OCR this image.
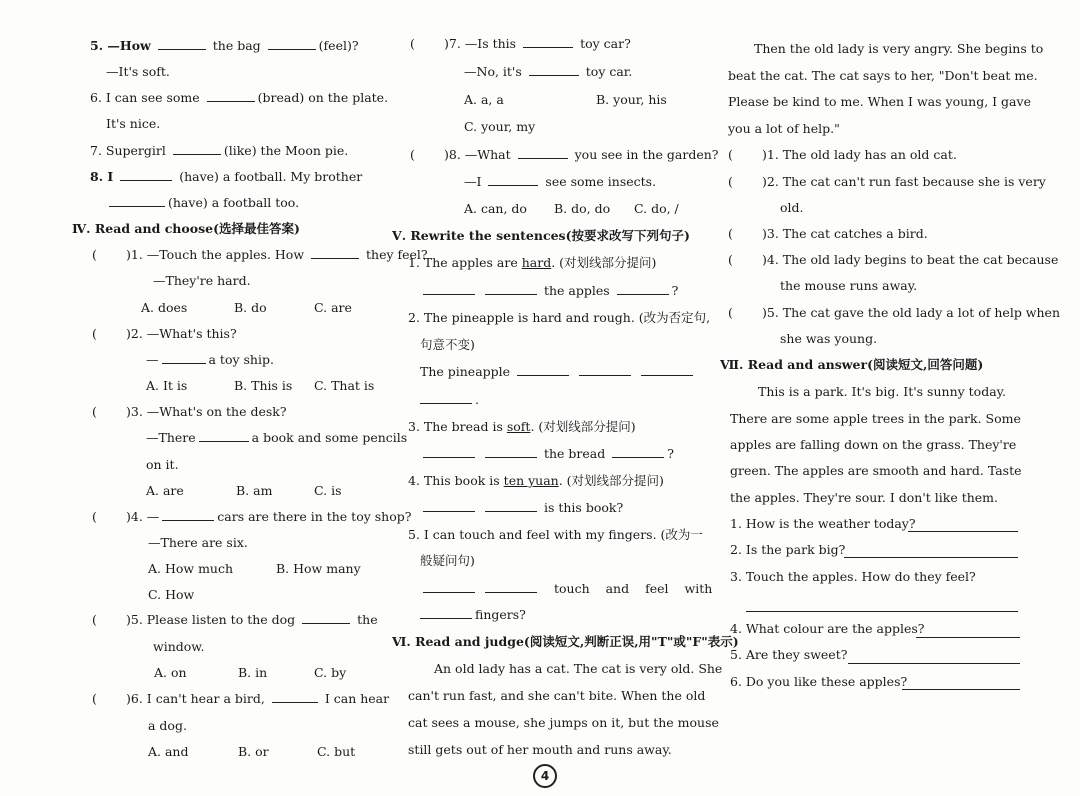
5. —How	the bag	(feel)?
—It's soft.
6. I can see some	(bread) on the plate.
It's nice.
7. Supergirl	(like) the Moon pie.
8. I	(have) a football. My brother
(have) a football too.
Ⅳ. Read and choose(选择最佳答案)
( )1. —Touch the apples. How	they feel?
—They're hard.
A. does	B. do	C. are
( )2. —What's this?
—	a toy ship.
A. It is	B. This is C. That is
( )3. —What's on the desk?
—There	a book and some pencils
on it.
A. are	B. am	C. is
( )4. —	cars are there in the toy shop?
—There are six.
A. How much	B. How many
C. How
( )5. Please listen to the dog	the
window.
A. on	B. in	C. by
( )6. I can't hear a bird,	I can hear
a dog.
A. and	B. or	C. but
( )7. —Is this	toy car?
—No, it's	toy car.
A. a, a	B. your, his
C. your, my
( )8. —What	you see in the garden?
—I	see some insects.
A. can, do B. do, do C. do, /
Ⅴ. Rewrite the sentences(按要求改写下列句子)
1. The apples are hard. (对划线部分提问)
the apples	?
2. The pineapple is hard and rough. (改为否定句,
句意不变)
The pineapple
.
3. The bread is soft. (对划线部分提问)
the bread	?
4. This book is ten yuan. (对划线部分提问)
is this book?
5. I can touch and feel with my fingers. (改为一
般疑问句)
touch and feel with
fingers?
Ⅵ. Read and judge(阅读短文,判断正误,用"T"或"F"表示)
An old lady has a cat. The cat is very old. She
can't run fast, and she can't bite. When the old
cat sees a mouse, she jumps on it, but the mouse
still gets out of her mouth and runs away.
4
Then the old lady is very angry. She begins to
beat the cat. The cat says to her, "Don't beat me.
Please be kind to me. When I was young, I gave
you a lot of help."
( )1. The old lady has an old cat.
( )2. The cat can't run fast because she is very
old.
( )3. The cat catches a bird.
( )4. The old lady begins to beat the cat because
the mouse runs away.
( )5. The cat gave the old lady a lot of help when
she was young.
Ⅶ. Read and answer(阅读短文,回答问题)
This is a park. It's big. It's sunny today.
There are some apple trees in the park. Some
apples are falling down on the grass. They're
green. The apples are smooth and hard. Taste
the apples. They're sour. I don't like them.
1. How is the weather today?
2. Is the park big?
3. Touch the apples. How do they feel?
4. What colour are the apples?
5. Are they sweet?
6. Do you like these apples?
